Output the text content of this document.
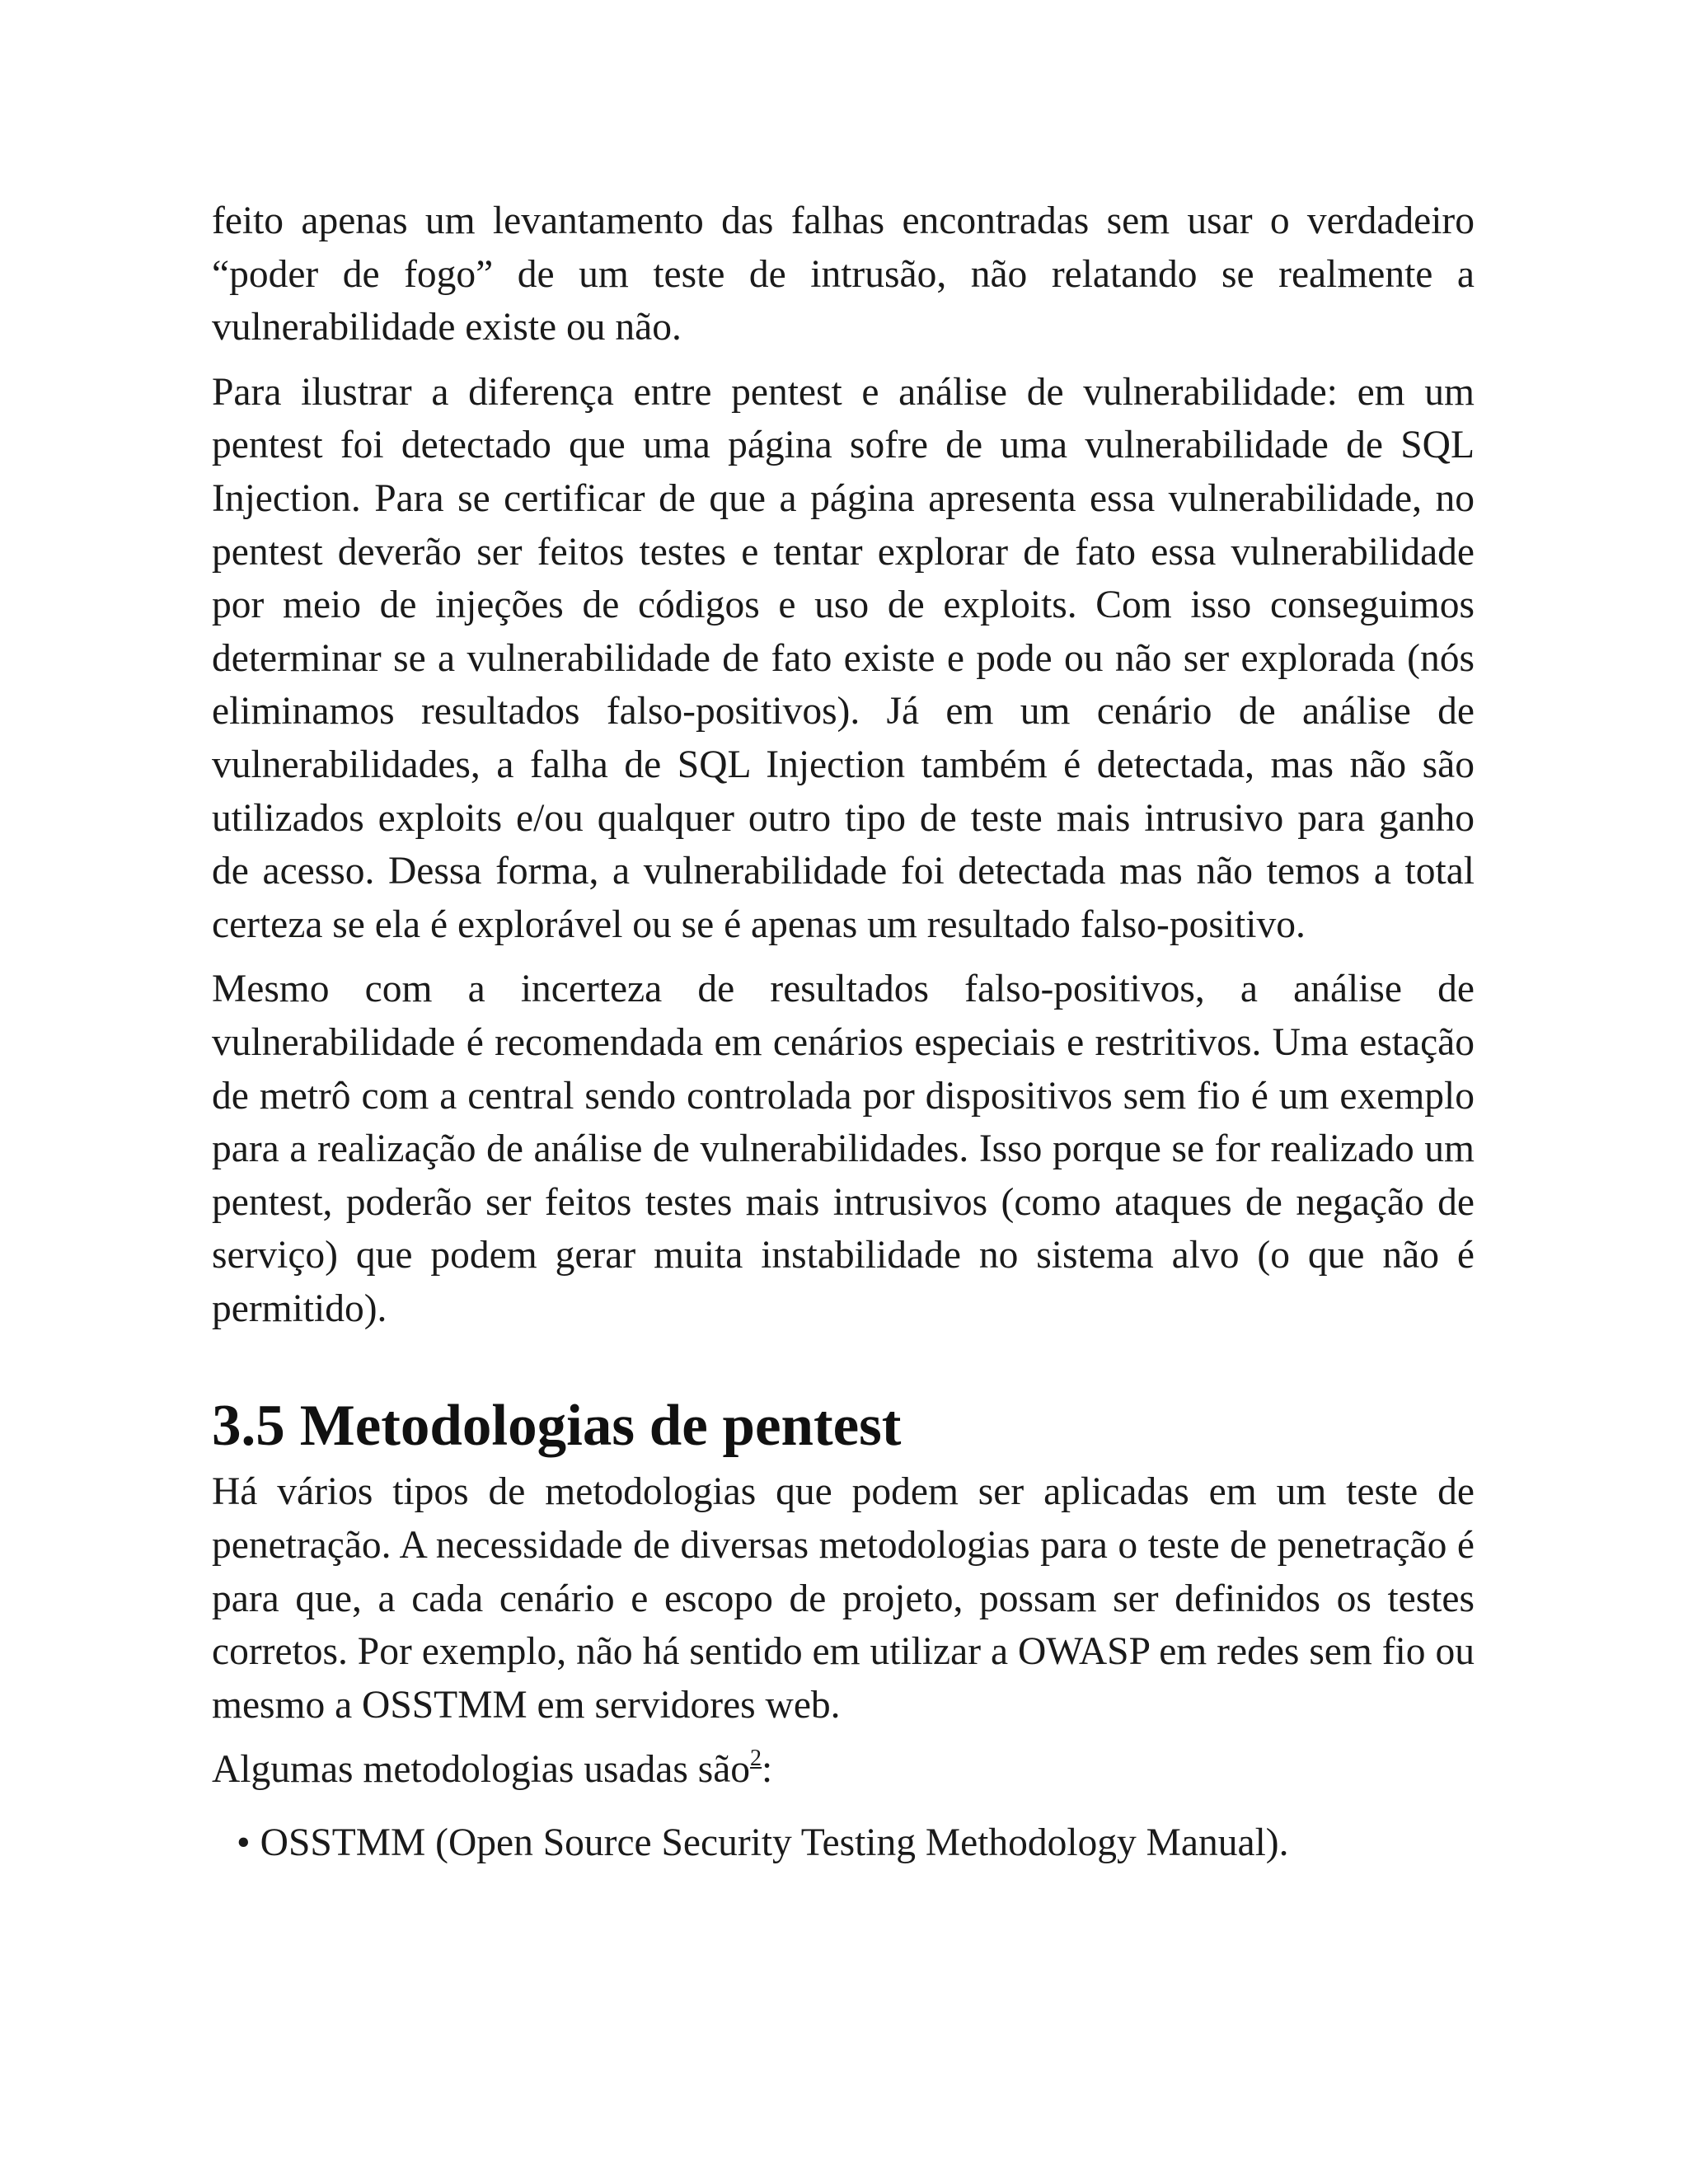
feito apenas um levantamento das falhas encontradas sem usar o verdadeiro “poder de fogo” de um teste de intrusão, não relatando se realmente a vulnerabilidade existe ou não.

Para ilustrar a diferença entre pentest e análise de vulnerabilidade: em um pentest foi detectado que uma página sofre de uma vulnerabilidade de SQL Injection. Para se certificar de que a página apresenta essa vulnerabilidade, no pentest deverão ser feitos testes e tentar explorar de fato essa vulnerabilidade por meio de injeções de códigos e uso de exploits. Com isso conseguimos determinar se a vulnerabilidade de fato existe e pode ou não ser explorada (nós eliminamos resultados falso-positivos). Já em um cenário de análise de vulnerabilidades, a falha de SQL Injection também é detectada, mas não são utilizados exploits e/ou qualquer outro tipo de teste mais intrusivo para ganho de acesso. Dessa forma, a vulnerabilidade foi detectada mas não temos a total certeza se ela é explorável ou se é apenas um resultado falso-positivo.

Mesmo com a incerteza de resultados falso-positivos, a análise de vulnerabilidade é recomendada em cenários especiais e restritivos. Uma estação de metrô com a central sendo controlada por dispositivos sem fio é um exemplo para a realização de análise de vulnerabilidades. Isso porque se for realizado um pentest, poderão ser feitos testes mais intrusivos (como ataques de negação de serviço) que podem gerar muita instabilidade no sistema alvo (o que não é permitido).

3.5 Metodologias de pentest

Há vários tipos de metodologias que podem ser aplicadas em um teste de penetração. A necessidade de diversas metodologias para o teste de penetração é para que, a cada cenário e escopo de projeto, possam ser definidos os testes corretos. Por exemplo, não há sentido em utilizar a OWASP em redes sem fio ou mesmo a OSSTMM em servidores web.

Algumas metodologias usadas são$^2$:

• OSSTMM (Open Source Security Testing Methodology Manual).
